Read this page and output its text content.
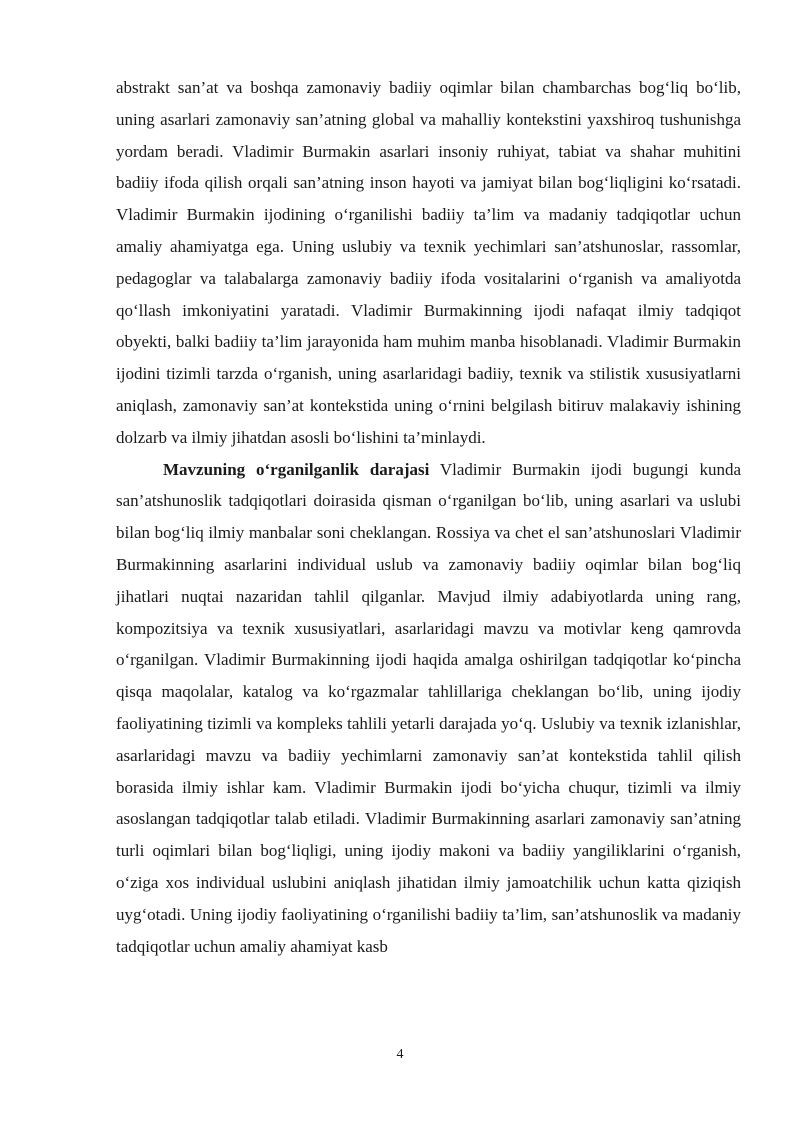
abstrakt san’at va boshqa zamonaviy badiiy oqimlar bilan chambarchas bog‘liq bo‘lib, uning asarlari zamonaviy san’atning global va mahalliy kontekstini yaxshiroq tushunishga yordam beradi. Vladimir Burmakin asarlari insoniy ruhiyat, tabiat va shahar muhitini badiiy ifoda qilish orqali san’atning inson hayoti va jamiyat bilan bog‘liqligini ko‘rsatadi. Vladimir Burmakin ijodining o‘rganilishi badiiy ta’lim va madaniy tadqiqotlar uchun amaliy ahamiyatga ega. Uning uslubiy va texnik yechimlari san’atshunoslar, rassomlar, pedagoglar va talabalarga zamonaviy badiiy ifoda vositalarini o‘rganish va amaliyotda qo‘llash imkoniyatini yaratadi. Vladimir Burmakinning ijodi nafaqat ilmiy tadqiqot obyekti, balki badiiy ta’lim jarayonida ham muhim manba hisoblanadi. Vladimir Burmakin ijodini tizimli tarzda o‘rganish, uning asarlaridagi badiiy, texnik va stilistik xususiyatlarni aniqlash, zamonaviy san’at kontekstida uning o‘rnini belgilash bitiruv malakaviy ishining dolzarb va ilmiy jihatdan asosli bo‘lishini ta’minlaydi.

Mavzuning o‘rganilganlik darajasi Vladimir Burmakin ijodi bugungi kunda san’atshunoslik tadqiqotlari doirasida qisman o‘rganilgan bo‘lib, uning asarlari va uslubi bilan bog‘liq ilmiy manbalar soni cheklangan. Rossiya va chet el san’atshunoslari Vladimir Burmakinning asarlarini individual uslub va zamonaviy badiiy oqimlar bilan bog‘liq jihatlari nuqtai nazaridan tahlil qilganlar. Mavjud ilmiy adabiyotlarda uning rang, kompozitsiya va texnik xususiyatlari, asarlaridagi mavzu va motivlar keng qamrovda o‘rganilgan. Vladimir Burmakinning ijodi haqida amalga oshirilgan tadqiqotlar ko‘pincha qisqa maqolalar, katalog va ko‘rgazmalar tahlillariga cheklangan bo‘lib, uning ijodiy faoliyatining tizimli va kompleks tahlili yetarli darajada yo‘q. Uslubiy va texnik izlanishlar, asarlaridagi mavzu va badiiy yechimlarni zamonaviy san’at kontekstida tahlil qilish borasida ilmiy ishlar kam. Vladimir Burmakin ijodi bo‘yicha chuqur, tizimli va ilmiy asoslangan tadqiqotlar talab etiladi. Vladimir Burmakinning asarlari zamonaviy san’atning turli oqimlari bilan bog‘liqligi, uning ijodiy makoni va badiiy yangiliklarini o‘rganish, o‘ziga xos individual uslubini aniqlash jihatidan ilmiy jamoatchilik uchun katta qiziqish uyg‘otadi. Uning ijodiy faoliyatining o‘rganilishi badiiy ta’lim, san’atshunoslik va madaniy tadqiqotlar uchun amaliy ahamiyat kasb

4
